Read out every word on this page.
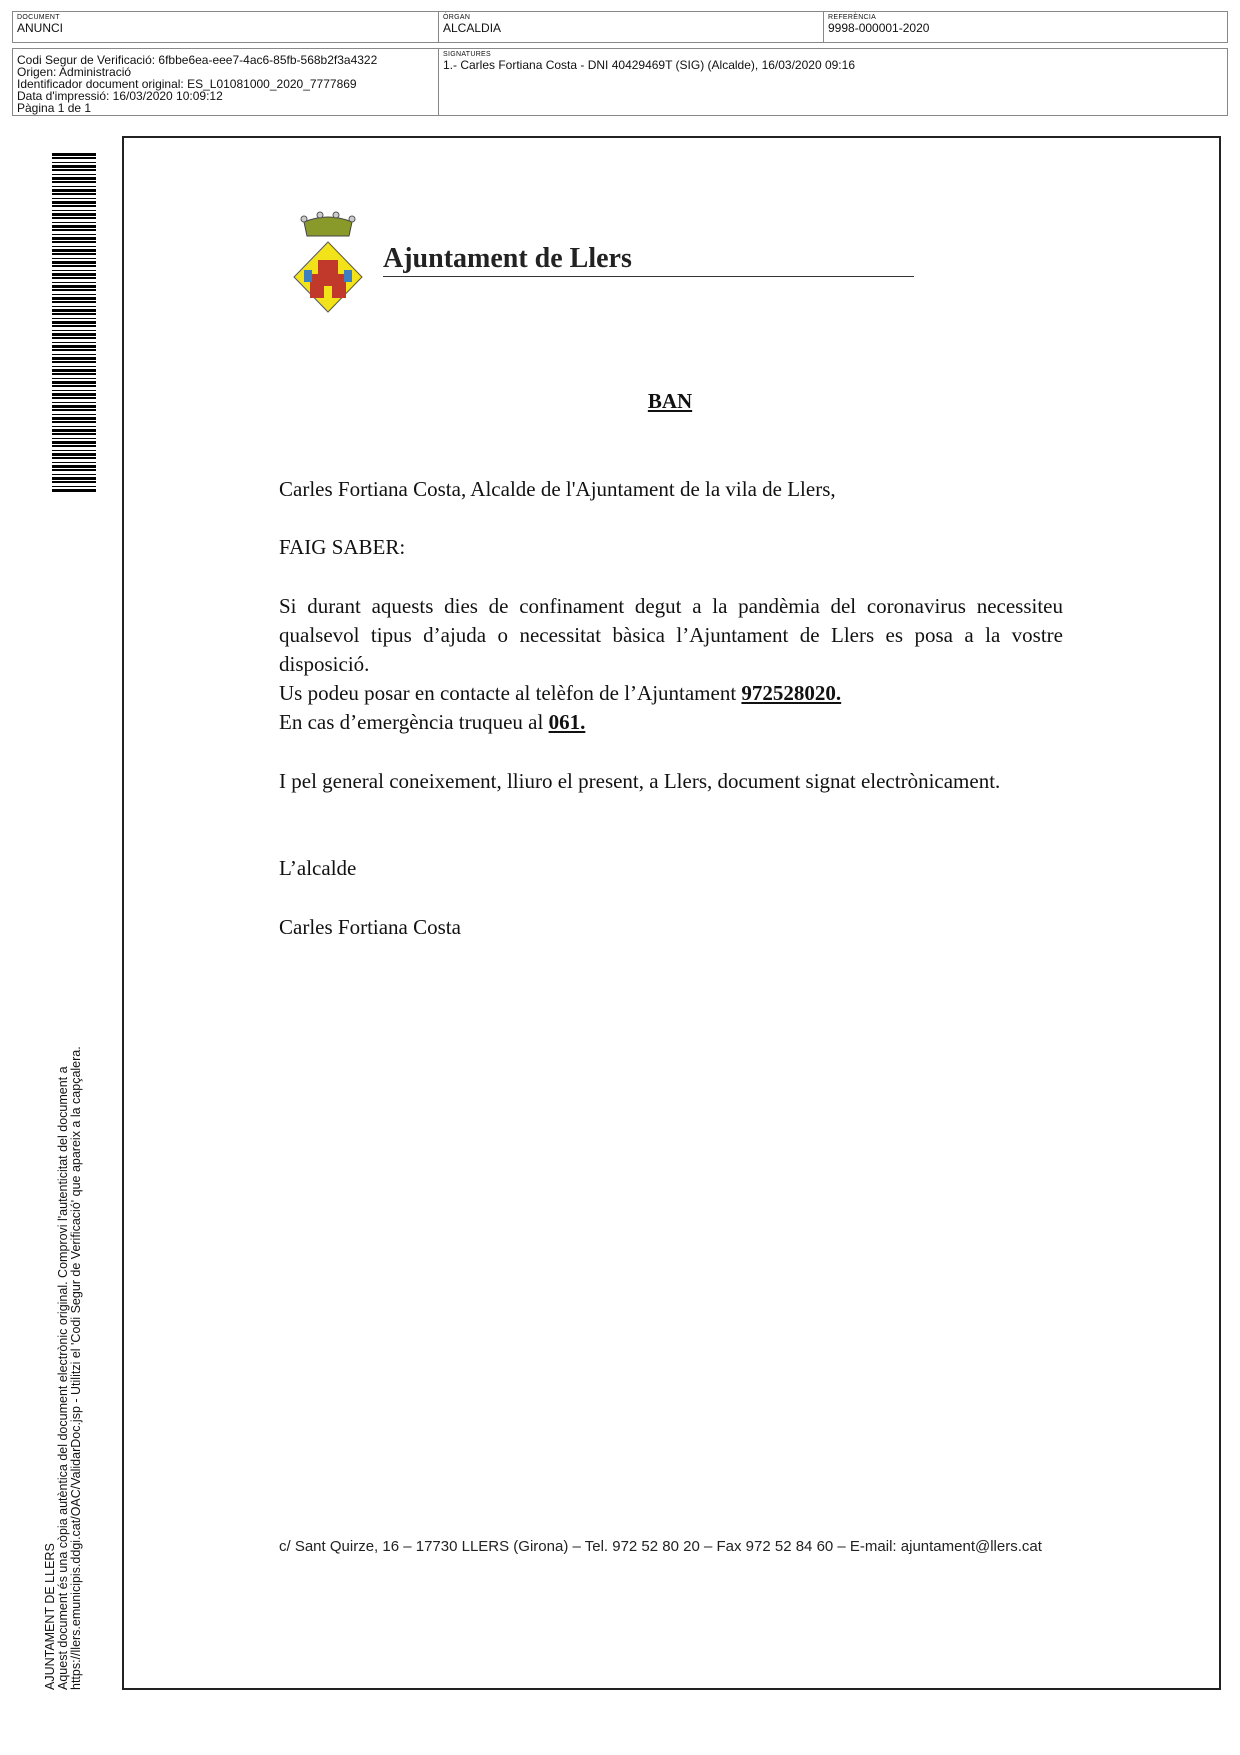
DOCUMENT
ANUNCI
ÒRGAN
ALCALDIA
REFERÈNCIA
9998-000001-2020
Codi Segur de Verificació: 6fbbe6ea-eee7-4ac6-85fb-568b2f3a4322
Origen: Administració
Identificador document original: ES_L01081000_2020_7777869
Data d'impressió: 16/03/2020 10:09:12
Pàgina 1 de 1
SIGNATURES
1.- Carles Fortiana Costa - DNI 40429469T (SIG) (Alcalde), 16/03/2020 09:16
AJUNTAMENT DE LLERS Aquest document és una còpia autèntica del document electrònic original. Comprovi l'autenticitat del document a https://llers.emunicipis.ddgi.cat/OAC/ValidarDoc.jsp - Utilitzi el 'Codi Segur de Verificació' que apareix a la capçalera.
Ajuntament de Llers
BAN
Carles Fortiana Costa, Alcalde de l'Ajuntament de la vila de Llers,
FAIG SABER:
Si durant aquests dies de confinament degut a la pandèmia del coronavirus necessiteu qualsevol tipus d’ajuda o necessitat bàsica l’Ajuntament de Llers es posa a la vostre disposició.
Us podeu posar en contacte al telèfon de l’Ajuntament 972528020.
En cas d’emergència truqueu al 061.
I pel general coneixement, lliuro el present, a Llers, document signat electrònicament.
L’alcalde
Carles Fortiana Costa
c/ Sant Quirze, 16 – 17730 LLERS (Girona) – Tel. 972 52 80 20 – Fax 972 52 84 60 – E-mail: ajuntament@llers.cat
